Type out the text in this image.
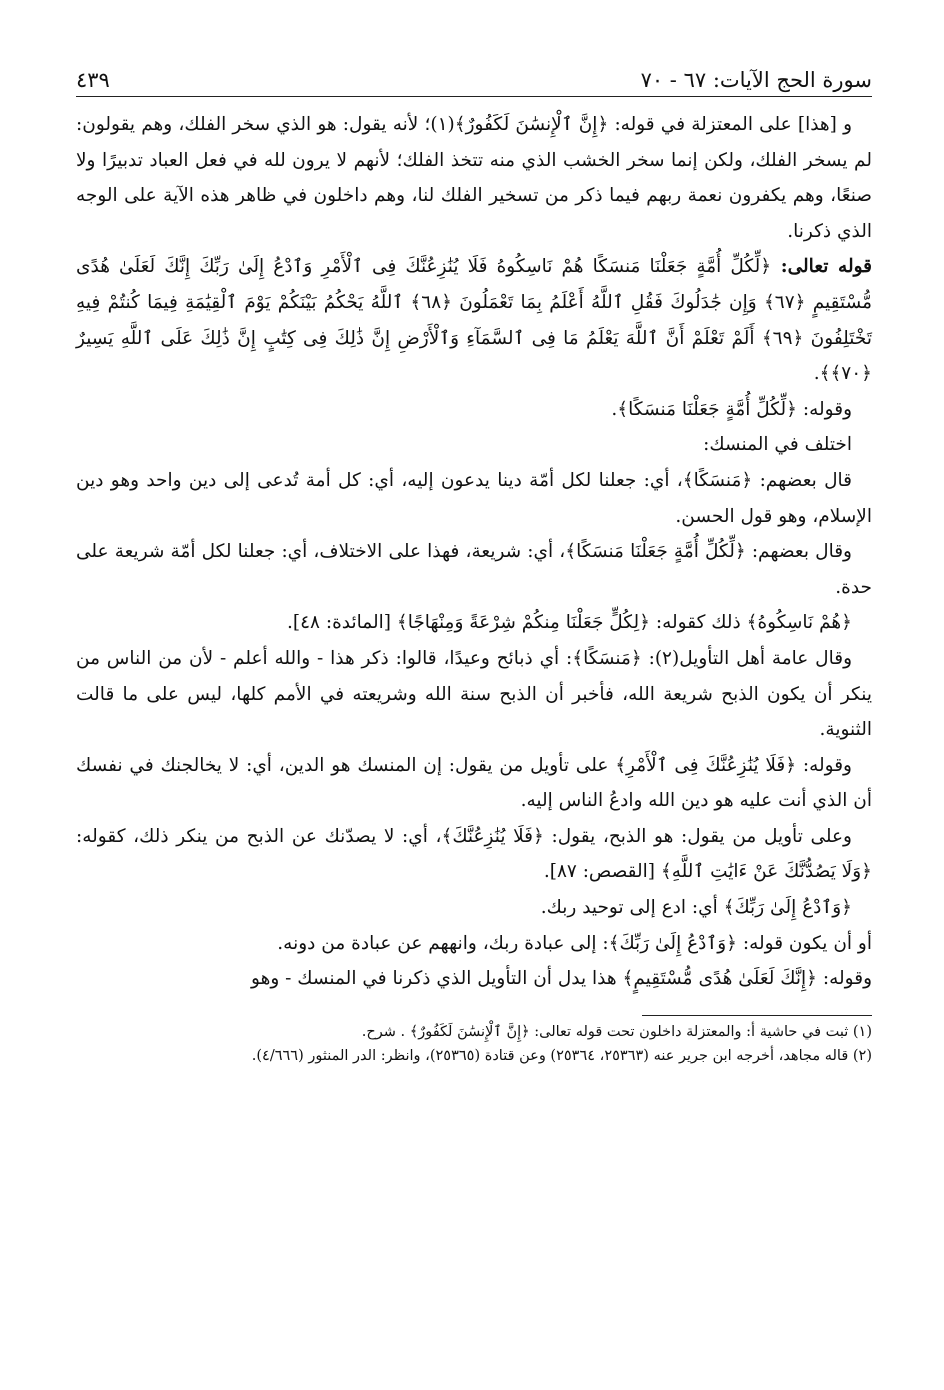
سورة الحج الآيات: ٦٧ - ٧٠
٤٣٩

و [هذا] على المعتزلة في قوله: ﴿إِنَّ ٱلْإِنسَٰنَ لَكَفُورٌ﴾(١)؛ لأنه يقول: هو الذي سخر الفلك، وهم يقولون: لم يسخر الفلك، ولكن إنما سخر الخشب الذي منه تتخذ الفلك؛ لأنهم لا يرون لله في فعل العباد تدبيرًا ولا صنعًا، وهم يكفرون نعمة ربهم فيما ذكر من تسخير الفلك لنا، وهم داخلون في ظاهر هذه الآية على الوجه الذي ذكرنا.

قوله تعالى: ﴿لِّكُلِّ أُمَّةٍ جَعَلْنَا مَنسَكًا هُمْ نَاسِكُوهُ فَلَا يُنَٰزِعُنَّكَ فِى ٱلْأَمْرِ وَٱدْعُ إِلَىٰ رَبِّكَ إِنَّكَ لَعَلَىٰ هُدًى مُّسْتَقِيمٍ ﴿٦٧﴾ وَإِن جَٰدَلُوكَ فَقُلِ ٱللَّهُ أَعْلَمُ بِمَا تَعْمَلُونَ ﴿٦٨﴾ ٱللَّهُ يَحْكُمُ بَيْنَكُمْ يَوْمَ ٱلْقِيَٰمَةِ فِيمَا كُنتُمْ فِيهِ تَخْتَلِفُونَ ﴿٦٩﴾ أَلَمْ تَعْلَمْ أَنَّ ٱللَّهَ يَعْلَمُ مَا فِى ٱلسَّمَآءِ وَٱلْأَرْضِ إِنَّ ذَٰلِكَ فِى كِتَٰبٍ إِنَّ ذَٰلِكَ عَلَى ٱللَّهِ يَسِيرٌ ﴿٧٠﴾﴾.

وقوله: ﴿لِّكُلِّ أُمَّةٍ جَعَلْنَا مَنسَكًا﴾.

اختلف في المنسك:

قال بعضهم: ﴿مَنسَكًا﴾، أي: جعلنا لكل أمّة دينا يدعون إليه، أي: كل أمة تُدعى إلى دين واحد وهو دين الإسلام، وهو قول الحسن.

وقال بعضهم: ﴿لِّكُلِّ أُمَّةٍ جَعَلْنَا مَنسَكًا﴾، أي: شريعة، فهذا على الاختلاف، أي: جعلنا لكل أمّة شريعة على حدة.

﴿هُمْ نَاسِكُوهُ﴾ ذلك كقوله: ﴿لِكُلٍّ جَعَلْنَا مِنكُمْ شِرْعَةً وَمِنْهَاجًا﴾ [المائدة: ٤٨].

وقال عامة أهل التأويل(٢): ﴿مَنسَكًا﴾: أي ذبائح وعيدًا، قالوا: ذكر هذا - والله أعلم - لأن من الناس من ينكر أن يكون الذبح شريعة الله، فأخبر أن الذبح سنة الله وشريعته في الأمم كلها، ليس على ما قالت الثنوية.

وقوله: ﴿فَلَا يُنَٰزِعُنَّكَ فِى ٱلْأَمْرِ﴾ على تأويل من يقول: إن المنسك هو الدين، أي: لا يخالجنك في نفسك أن الذي أنت عليه هو دين الله وادعُ الناس إليه.

وعلى تأويل من يقول: هو الذبح، يقول: ﴿فَلَا يُنَٰزِعُنَّكَ﴾، أي: لا يصدّنك عن الذبح من ينكر ذلك، كقوله: ﴿وَلَا يَصُدُّنَّكَ عَنْ ءَايَٰتِ ٱللَّهِ﴾ [القصص: ٨٧].

﴿وَٱدْعُ إِلَىٰ رَبِّكَ﴾ أي: ادع إلى توحيد ربك.

أو أن يكون قوله: ﴿وَٱدْعُ إِلَىٰ رَبِّكَ﴾: إلى عبادة ربك، وانههم عن عبادة من دونه.

وقوله: ﴿إِنَّكَ لَعَلَىٰ هُدًى مُّسْتَقِيمٍ﴾ هذا يدل أن التأويل الذي ذكرنا في المنسك - وهو

(١) ثبت في حاشية أ: والمعتزلة داخلون تحت قوله تعالى: ﴿إِنَّ ٱلْإِنسَٰنَ لَكَفُورٌ﴾ . شرح.

(٢) قاله مجاهد، أخرجه ابن جرير عنه (٢٥٣٦٣، ٢٥٣٦٤) وعن قتادة (٢٥٣٦٥)، وانظر: الدر المنثور (٤/٦٦٦).
